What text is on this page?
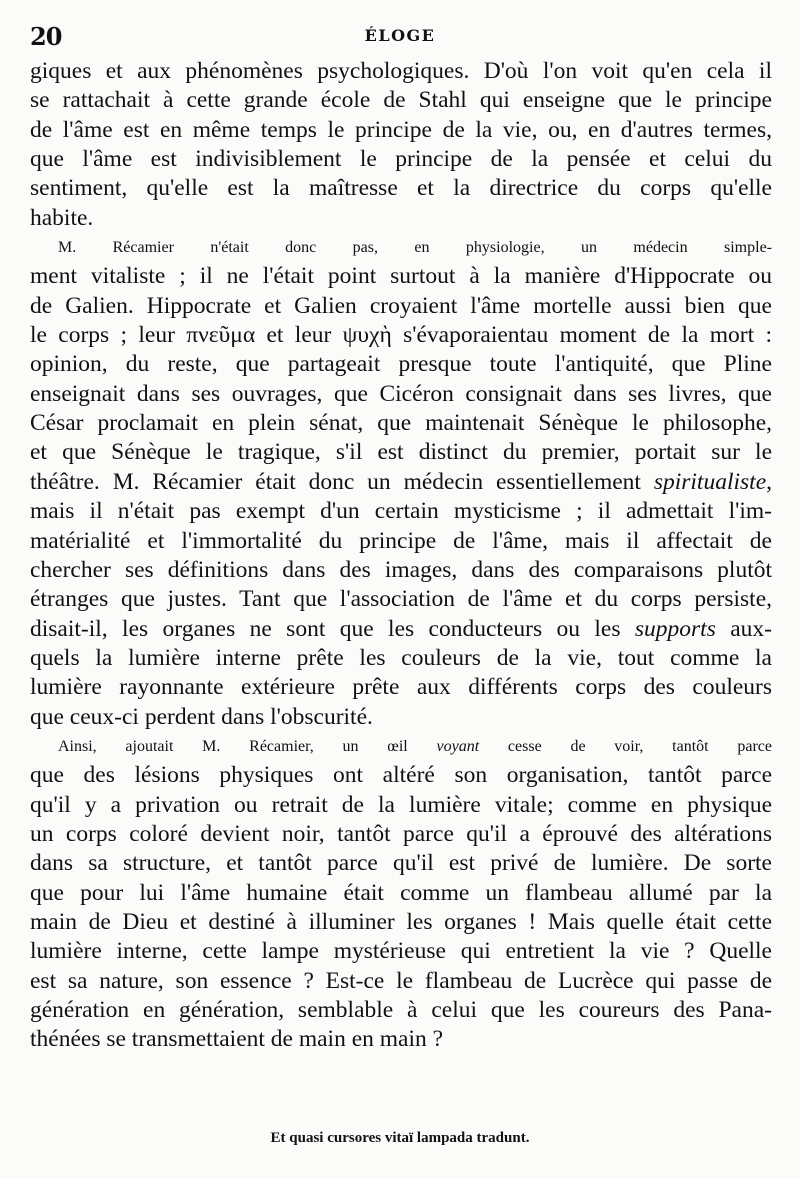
20	ÉLOGE
giques et aux phénomènes psychologiques. D'où l'on voit qu'en cela il
se rattachait à cette grande école de Stahl qui enseigne que le principe
de l'âme est en même temps le principe de la vie, ou, en d'autres termes,
que l'âme est indivisiblement le principe de la pensée et celui du
sentiment, qu'elle est la maîtresse et la directrice du corps qu'elle
habite.
M. Récamier n'était donc pas, en physiologie, un médecin simple-
ment vitaliste ; il ne l'était point surtout à la manière d'Hippocrate ou
de Galien. Hippocrate et Galien croyaient l'âme mortelle aussi bien que
le corps ; leur πνεῦμα et leur ψυχὴ s'évaporaientau moment de la mort :
opinion, du reste, que partageait presque toute l'antiquité, que Pline
enseignait dans ses ouvrages, que Cicéron consignait dans ses livres, que
César proclamait en plein sénat, que maintenait Sénèque le philosophe,
et que Sénèque le tragique, s'il est distinct du premier, portait sur le
théâtre. M. Récamier était donc un médecin essentiellement spiritualiste,
mais il n'était pas exempt d'un certain mysticisme ; il admettait l'im-
matérialité et l'immortalité du principe de l'âme, mais il affectait de
chercher ses définitions dans des images, dans des comparaisons plutôt
étranges que justes. Tant que l'association de l'âme et du corps persiste,
disait-il, les organes ne sont que les conducteurs ou les supports aux-
quels la lumière interne prête les couleurs de la vie, tout comme la
lumière rayonnante extérieure prête aux différents corps des couleurs
que ceux-ci perdent dans l'obscurité.
Ainsi, ajoutait M. Récamier, un œil voyant cesse de voir, tantôt parce
que des lésions physiques ont altéré son organisation, tantôt parce
qu'il y a privation ou retrait de la lumière vitale; comme en physique
un corps coloré devient noir, tantôt parce qu'il a éprouvé des altérations
dans sa structure, et tantôt parce qu'il est privé de lumière. De sorte
que pour lui l'âme humaine était comme un flambeau allumé par la
main de Dieu et destiné à illuminer les organes ! Mais quelle était cette
lumière interne, cette lampe mystérieuse qui entretient la vie ? Quelle
est sa nature, son essence ? Est-ce le flambeau de Lucrèce qui passe de
génération en génération, semblable à celui que les coureurs des Pana-
thénées se transmettaient de main en main ?
Et quasi cursores vitaï lampada tradunt.
